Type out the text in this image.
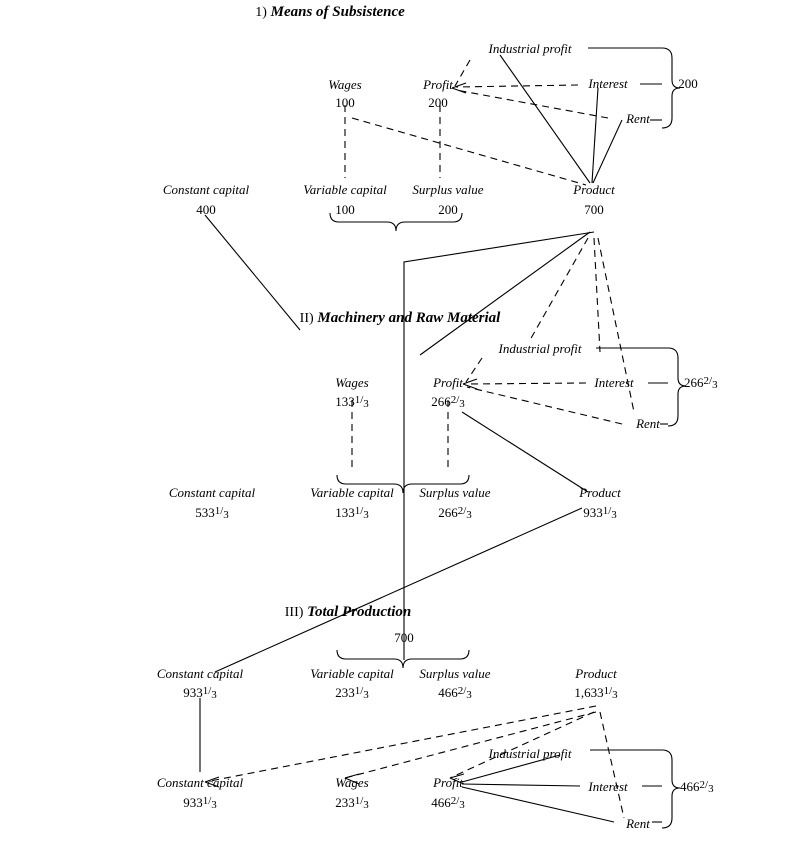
1) Means of Subsistence
Industrial profit
Interest
Rent
200
Wages
100
Profit
200
Constant capital
400
Variable capital
100
Surplus value
200
Product
700
II) Machinery and Raw Material
Industrial profit
Interest
Rent
$266^{2/3}$
Wages
$133^{1/3}$
Profit
$266^{2/3}$
Constant capital
$533^{1/3}$
Variable capital
$133^{1/3}$
Surplus value
$266^{2/3}$
Product
$933^{1/3}$
III) Total Production
700
Constant capital
$933^{1/3}$
Variable capital
$233^{1/3}$
Surplus value
$466^{2/3}$
Product
$1,633^{1/3}$
Industrial profit
Interest
Rent
$466^{2/3}$
Constant capital
$933^{1/3}$
Wages
$233^{1/3}$
Profit
$466^{2/3}$
